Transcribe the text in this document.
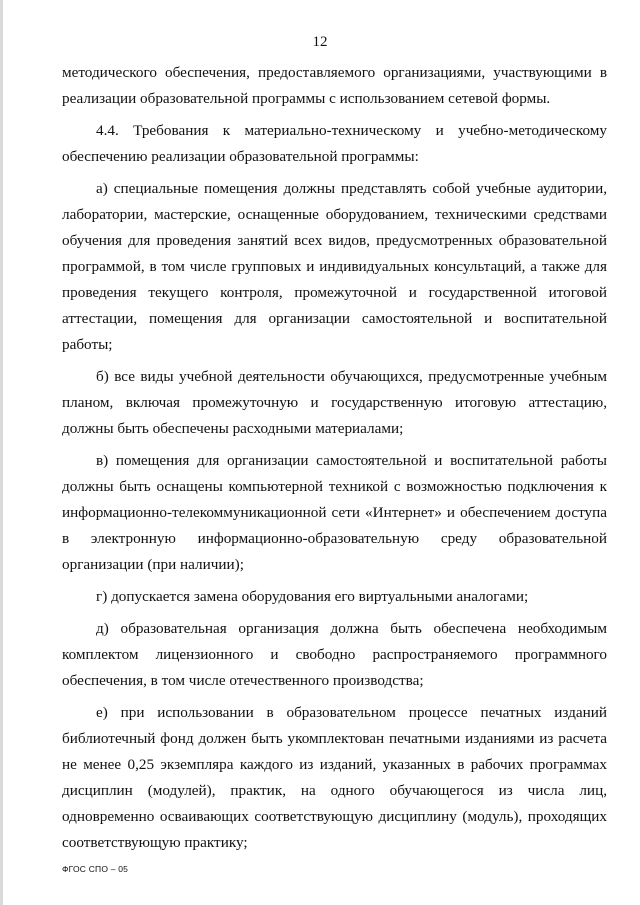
12

методического обеспечения, предоставляемого организациями, участвующими в реализации образовательной программы с использованием сетевой формы.

4.4. Требования к материально-техническому и учебно-методическому обеспечению реализации образовательной программы:

а) специальные помещения должны представлять собой учебные аудитории, лаборатории, мастерские, оснащенные оборудованием, техническими средствами обучения для проведения занятий всех видов, предусмотренных образовательной программой, в том числе групповых и индивидуальных консультаций, а также для проведения текущего контроля, промежуточной и государственной итоговой аттестации, помещения для организации самостоятельной и воспитательной работы;

б) все виды учебной деятельности обучающихся, предусмотренные учебным планом, включая промежуточную и государственную итоговую аттестацию, должны быть обеспечены расходными материалами;

в) помещения для организации самостоятельной и воспитательной работы должны быть оснащены компьютерной техникой с возможностью подключения к информационно-телекоммуникационной сети «Интернет» и обеспечением доступа в электронную информационно-образовательную среду образовательной организации (при наличии);

г) допускается замена оборудования его виртуальными аналогами;

д) образовательная организация должна быть обеспечена необходимым комплектом лицензионного и свободно распространяемого программного обеспечения, в том числе отечественного производства;

е) при использовании в образовательном процессе печатных изданий библиотечный фонд должен быть укомплектован печатными изданиями из расчета не менее 0,25 экземпляра каждого из изданий, указанных в рабочих программах дисциплин (модулей), практик, на одного обучающегося из числа лиц, одновременно осваивающих соответствующую дисциплину (модуль), проходящих соответствующую практику;

ФГОС СПО – 05
